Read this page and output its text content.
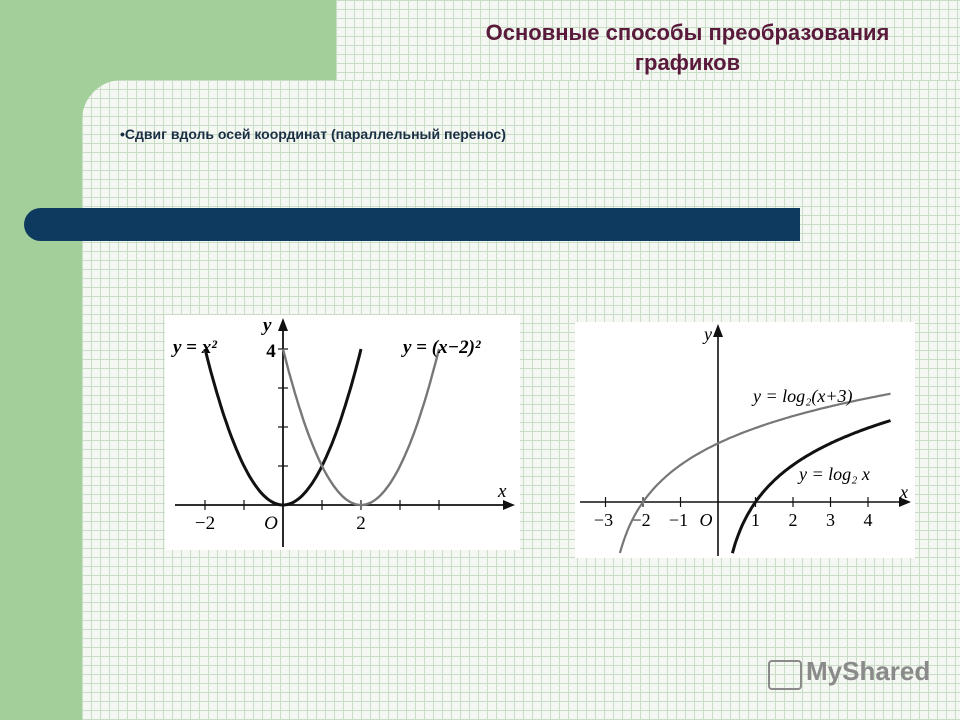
Основные способы преобразования
графиков
•Сдвиг вдоль осей координат (параллельный перенос)
−2	O	2
4
x
y
y = x²	y = (x−2)²
−3 −2 −1 O 1 2 3 4
x
y
y = log₂(x+3)
y = log₂ x
MyShared
